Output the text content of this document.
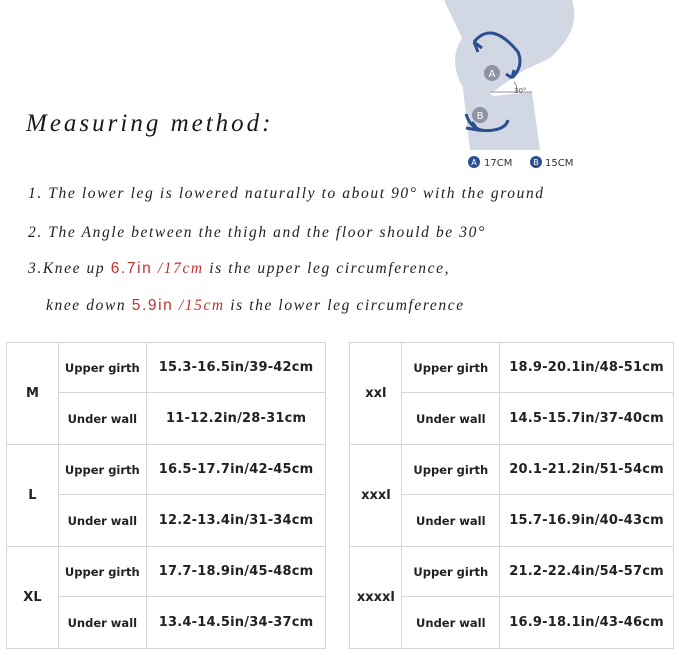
A
B
30°
A 17CM	B 15CM
Measuring method:
1. The lower leg is lowered naturally to about 90° with the ground
2. The Angle between the thigh and the floor should be 30°
3.Knee up 6.7in /17cm is the upper leg circumference,
knee down 5.9in /15cm is the lower leg circumference
M	Upper girth	15.3-16.5in/39-42cm		xxl	Upper girth	18.9-20.1in/48-51cm
	Under wall	11-12.2in/28-31cm			Under wall	14.5-15.7in/37-40cm
L	Upper girth	16.5-17.7in/42-45cm		xxxl	Upper girth	20.1-21.2in/51-54cm
	Under wall	12.2-13.4in/31-34cm			Under wall	15.7-16.9in/40-43cm
XL	Upper girth	17.7-18.9in/45-48cm		xxxxl	Upper girth	21.2-22.4in/54-57cm
	Under wall	13.4-14.5in/34-37cm			Under wall	16.9-18.1in/43-46cm
